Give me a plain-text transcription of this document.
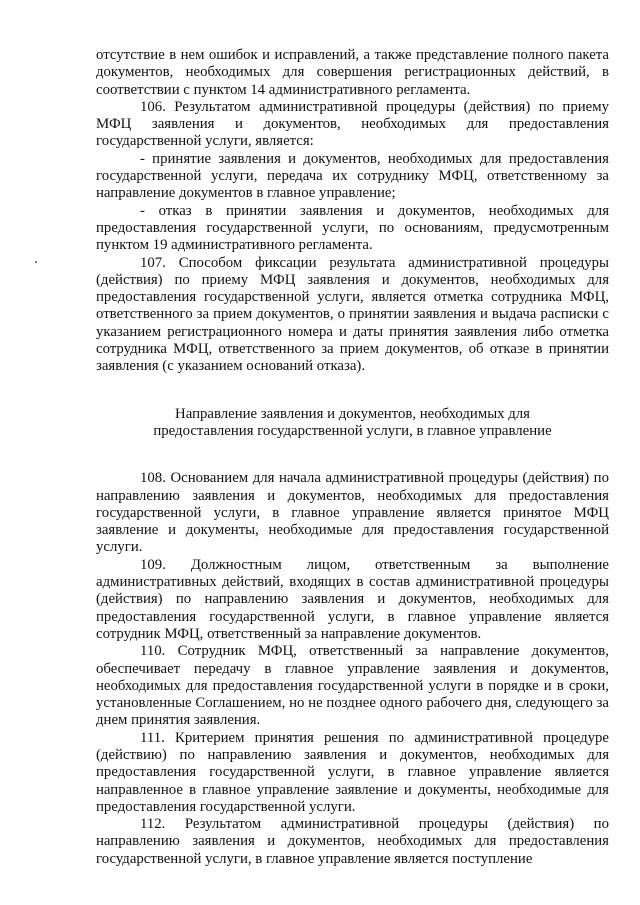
отсутствие в нем ошибок и исправлений, а также представление полного пакета документов, необходимых для совершения регистрационных действий, в соответствии с пунктом 14 административного регламента.

106. Результатом административной процедуры (действия) по приему МФЦ заявления и документов, необходимых для предоставления государственной услуги, является:

- принятие заявления и документов, необходимых для предоставления государственной услуги, передача их сотруднику МФЦ, ответственному за направление документов в главное управление;

- отказ в принятии заявления и документов, необходимых для предоставления государственной услуги, по основаниям, предусмотренным пунктом 19 административного регламента.

107. Способом фиксации результата административной процедуры (действия) по приему МФЦ заявления и документов, необходимых для предоставления государственной услуги, является отметка сотрудника МФЦ, ответственного за прием документов, о принятии заявления и выдача расписки с указанием регистрационного номера и даты принятия заявления либо отметка сотрудника МФЦ, ответственного за прием документов, об отказе в принятии заявления (с указанием оснований отказа).

Направление заявления и документов, необходимых для
предоставления государственной услуги, в главное управление

108. Основанием для начала административной процедуры (действия) по направлению заявления и документов, необходимых для предоставления государственной услуги, в главное управление является принятое МФЦ заявление и документы, необходимые для предоставления государственной услуги.

109. Должностным лицом, ответственным за выполнение административных действий, входящих в состав административной процедуры (действия) по направлению заявления и документов, необходимых для предоставления государственной услуги, в главное управление является сотрудник МФЦ, ответственный за направление документов.

110. Сотрудник МФЦ, ответственный за направление документов, обеспечивает передачу в главное управление заявления и документов, необходимых для предоставления государственной услуги в порядке и в сроки, установленные Соглашением, но не позднее одного рабочего дня, следующего за днем принятия заявления.

111. Критерием принятия решения по административной процедуре (действию) по направлению заявления и документов, необходимых для предоставления государственной услуги, в главное управление является направленное в главное управление заявление и документы, необходимые для предоставления государственной услуги.

112. Результатом административной процедуры (действия) по направлению заявления и документов, необходимых для предоставления государственной услуги, в главное управление является поступление
